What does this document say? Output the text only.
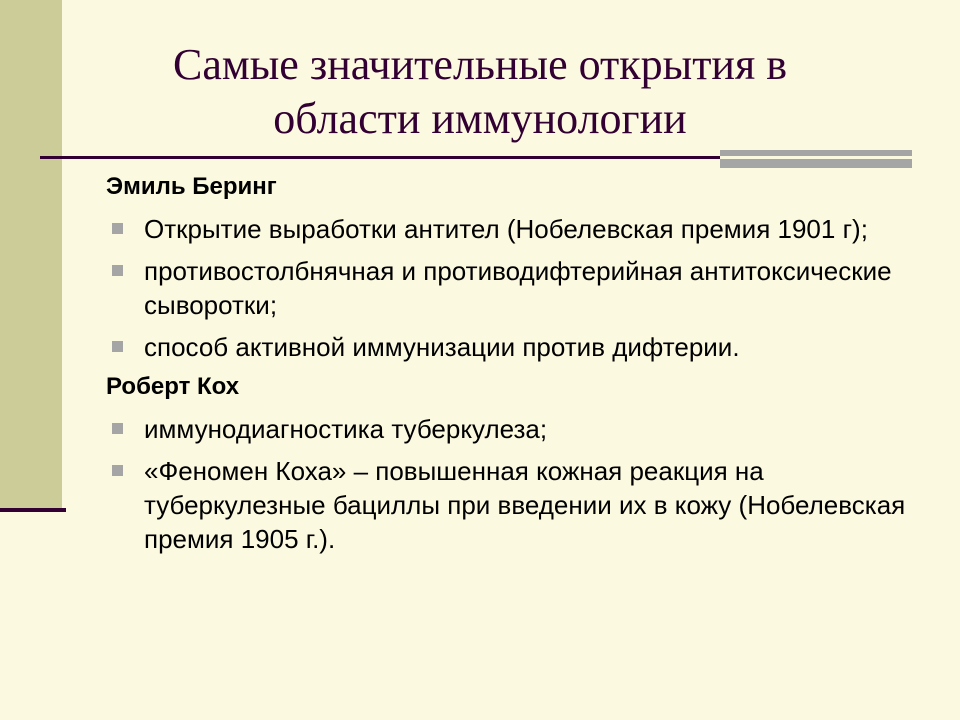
Самые значительные открытия в
области иммунологии

Эмиль Беринг

Открытие выработки антител (Нобелевская премия 1901 г);
противостолбнячная и противодифтерийная антитоксические сыворотки;
способ активной иммунизации против дифтерии.

Роберт Кох

иммунодиагностика туберкулеза;
«Феномен Коха» – повышенная кожная реакция на туберкулезные бациллы при введении их в кожу (Нобелевская премия 1905 г.).
